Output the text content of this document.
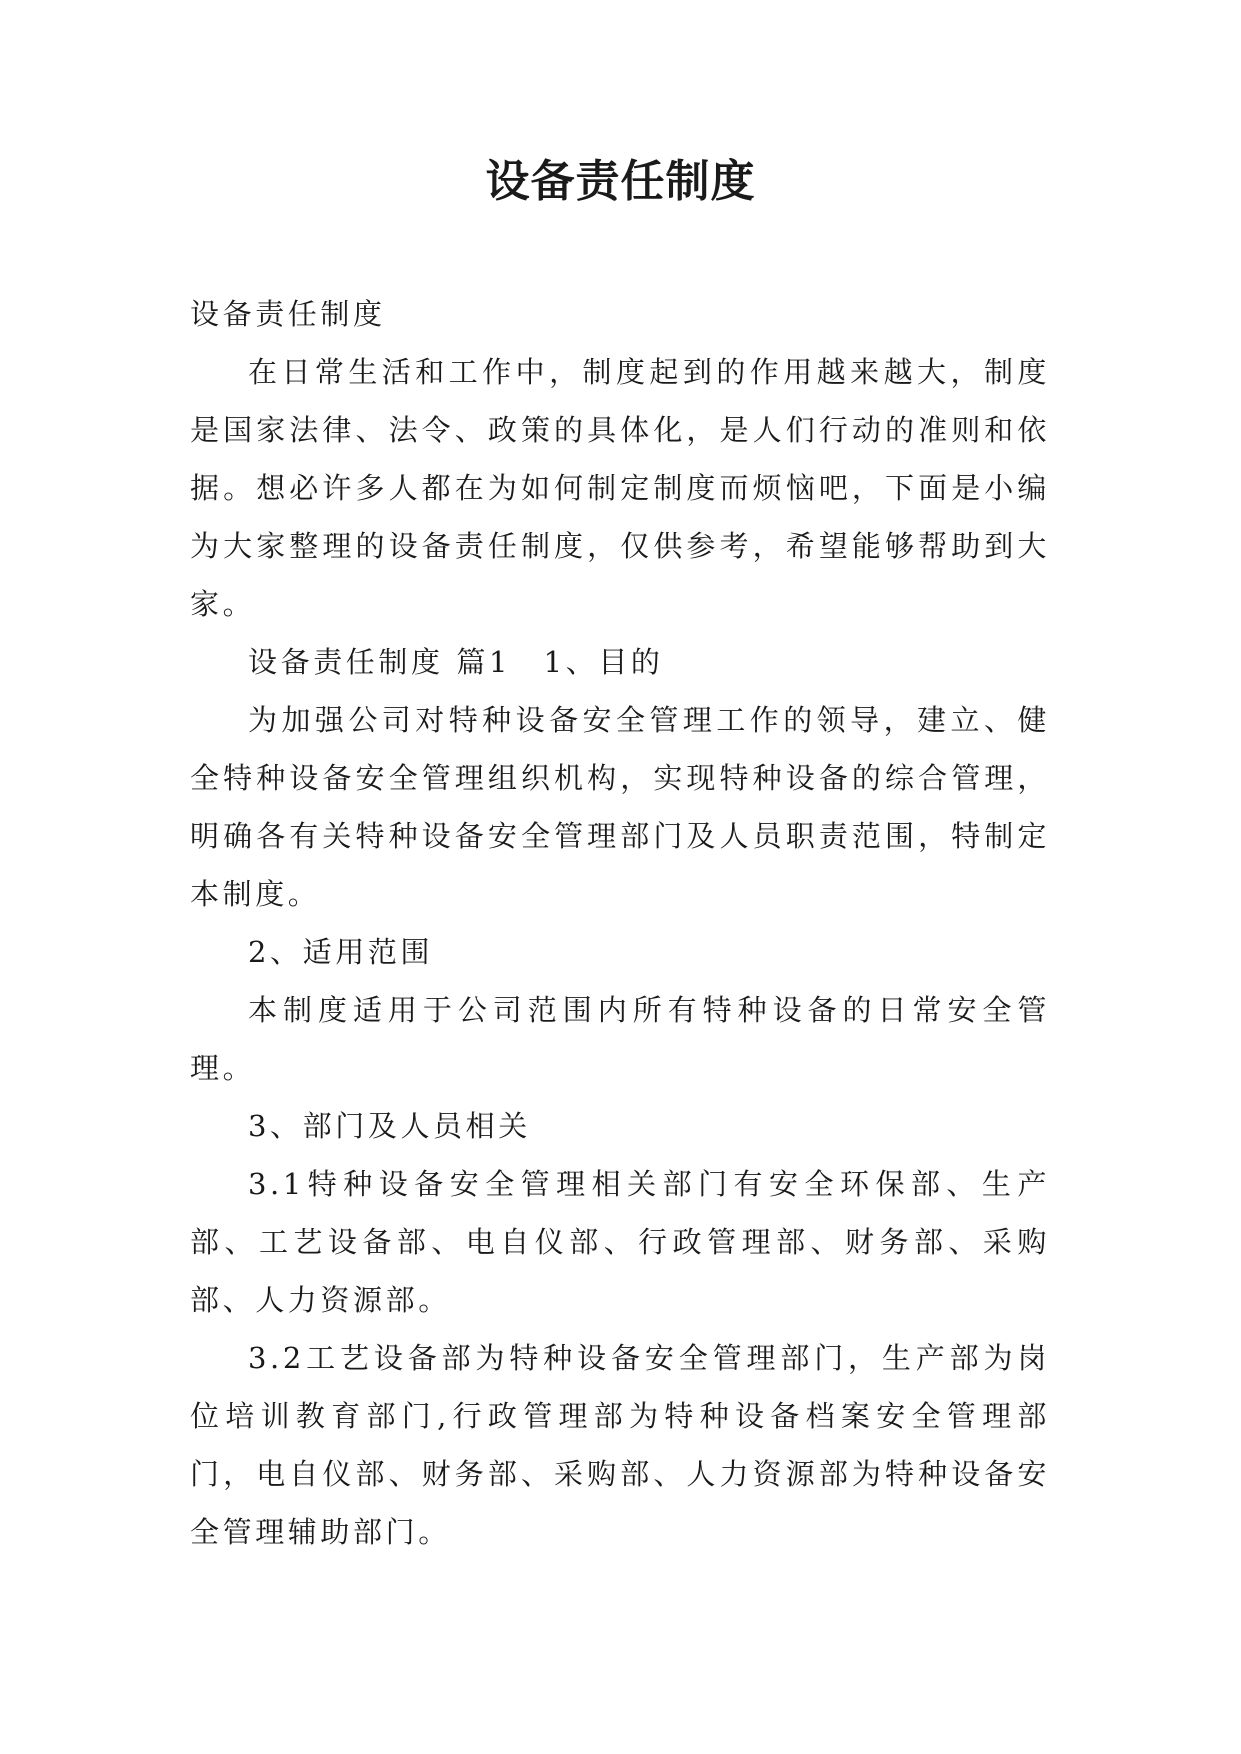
设备责任制度

设备责任制度

在日常生活和工作中，制度起到的作用越来越大，制度是国家法律、法令、政策的具体化，是人们行动的准则和依据。想必许多人都在为如何制定制度而烦恼吧，下面是小编为大家整理的设备责任制度，仅供参考，希望能够帮助到大家。

设备责任制度 篇1　1、目的

为加强公司对特种设备安全管理工作的领导，建立、健全特种设备安全管理组织机构，实现特种设备的综合管理，明确各有关特种设备安全管理部门及人员职责范围，特制定本制度。

2、适用范围

本制度适用于公司范围内所有特种设备的日常安全管理。

3、部门及人员相关

3.1特种设备安全管理相关部门有安全环保部、生产部、工艺设备部、电自仪部、行政管理部、财务部、采购部、人力资源部。

3.2工艺设备部为特种设备安全管理部门，生产部为岗位培训教育部门,行政管理部为特种设备档案安全管理部门，电自仪部、财务部、采购部、人力资源部为特种设备安全管理辅助部门。
